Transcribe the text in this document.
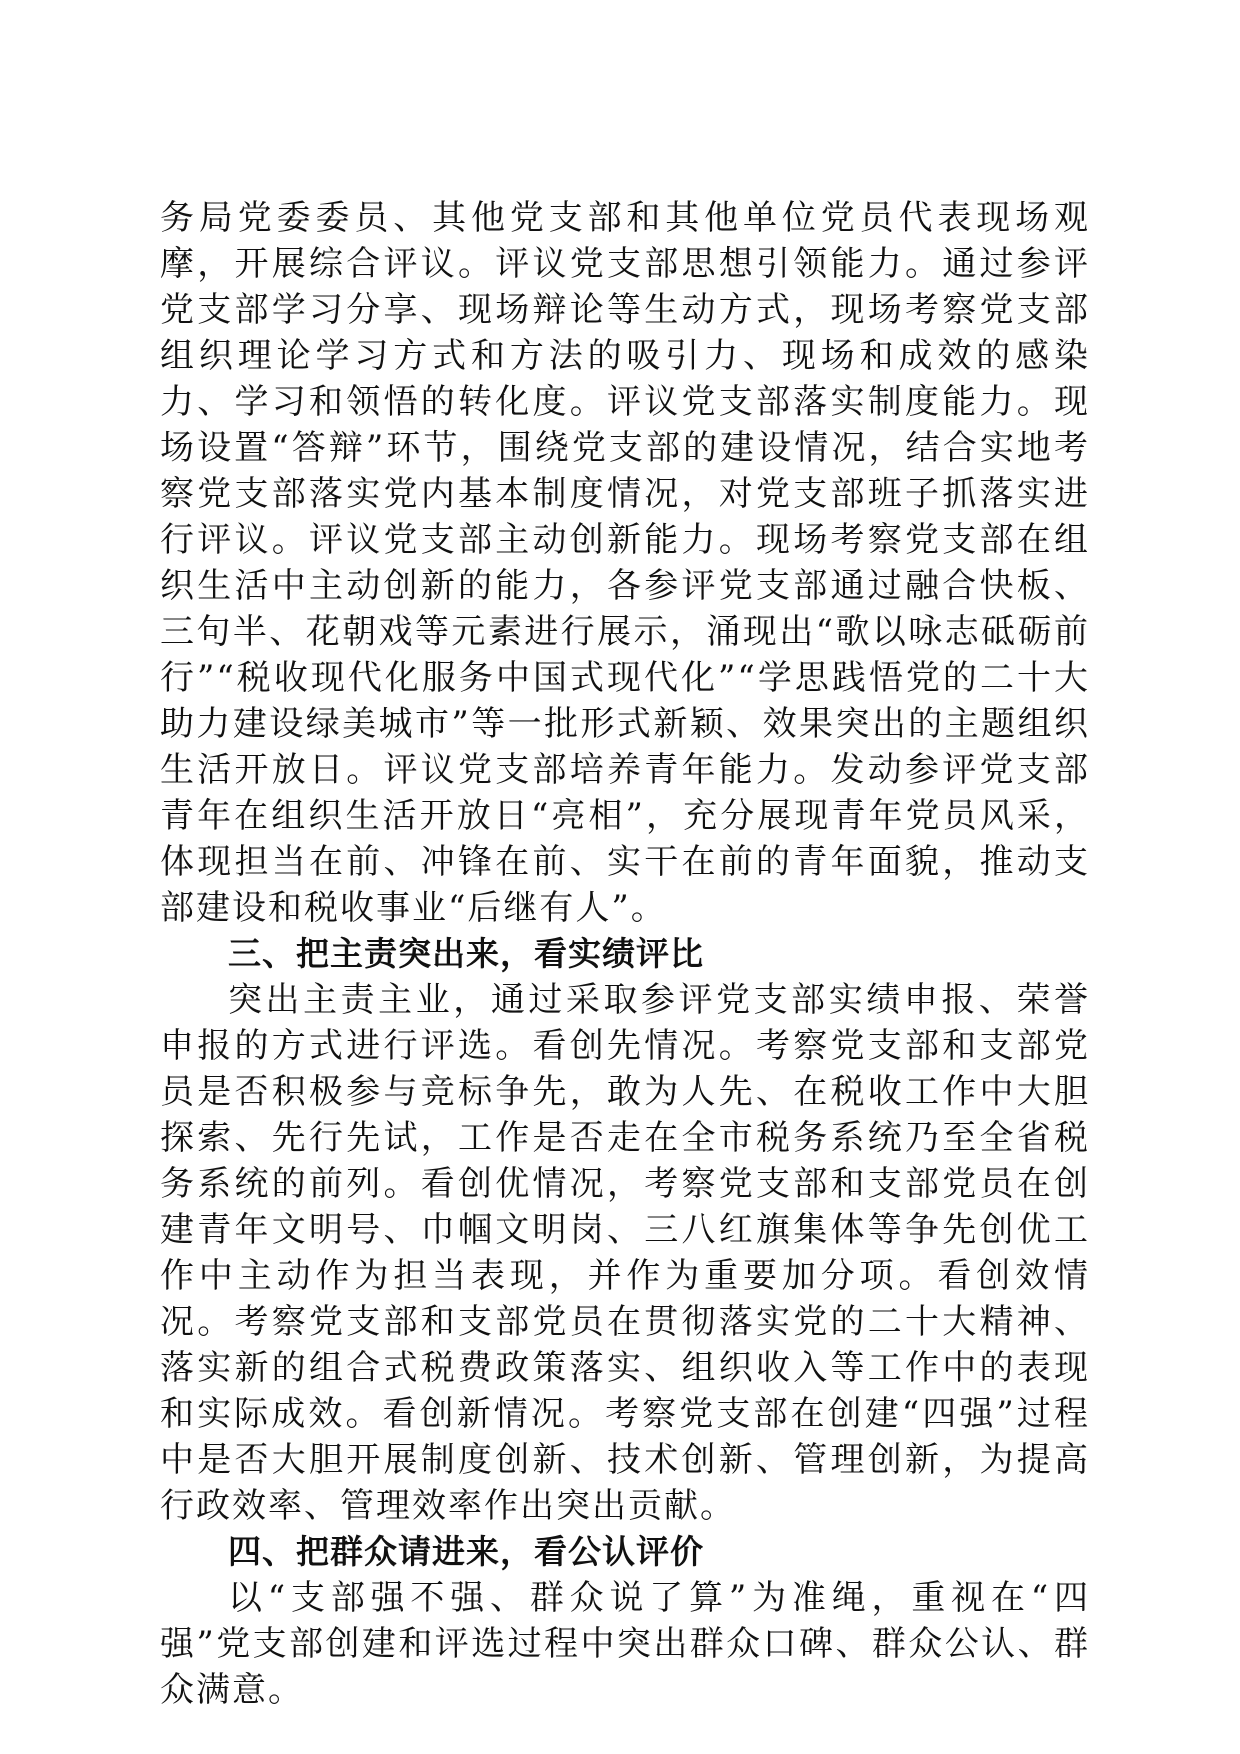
务局党委委员、其他党支部和其他单位党员代表现场观摩，开展综合评议。评议党支部思想引领能力。通过参评党支部学习分享、现场辩论等生动方式，现场考察党支部组织理论学习方式和方法的吸引力、现场和成效的感染力、学习和领悟的转化度。评议党支部落实制度能力。现场设置“答辩”环节，围绕党支部的建设情况，结合实地考察党支部落实党内基本制度情况，对党支部班子抓落实进行评议。评议党支部主动创新能力。现场考察党支部在组织生活中主动创新的能力，各参评党支部通过融合快板、三句半、花朝戏等元素进行展示，涌现出“歌以咏志砥砺前行”“税收现代化服务中国式现代化”“学思践悟党的二十大助力建设绿美城市”等一批形式新颖、效果突出的主题组织生活开放日。评议党支部培养青年能力。发动参评党支部青年在组织生活开放日“亮相”，充分展现青年党员风采，体现担当在前、冲锋在前、实干在前的青年面貌，推动支部建设和税收事业“后继有人”。

三、把主责突出来，看实绩评比

突出主责主业，通过采取参评党支部实绩申报、荣誉申报的方式进行评选。看创先情况。考察党支部和支部党员是否积极参与竞标争先，敢为人先、在税收工作中大胆探索、先行先试，工作是否走在全市税务系统乃至全省税务系统的前列。看创优情况，考察党支部和支部党员在创建青年文明号、巾帼文明岗、三八红旗集体等争先创优工作中主动作为担当表现，并作为重要加分项。看创效情况。考察党支部和支部党员在贯彻落实党的二十大精神、落实新的组合式税费政策落实、组织收入等工作中的表现和实际成效。看创新情况。考察党支部在创建“四强”过程中是否大胆开展制度创新、技术创新、管理创新，为提高行政效率、管理效率作出突出贡献。

四、把群众请进来，看公认评价

以“支部强不强、群众说了算”为准绳，重视在“四强”党支部创建和评选过程中突出群众口碑、群众公认、群众满意。
